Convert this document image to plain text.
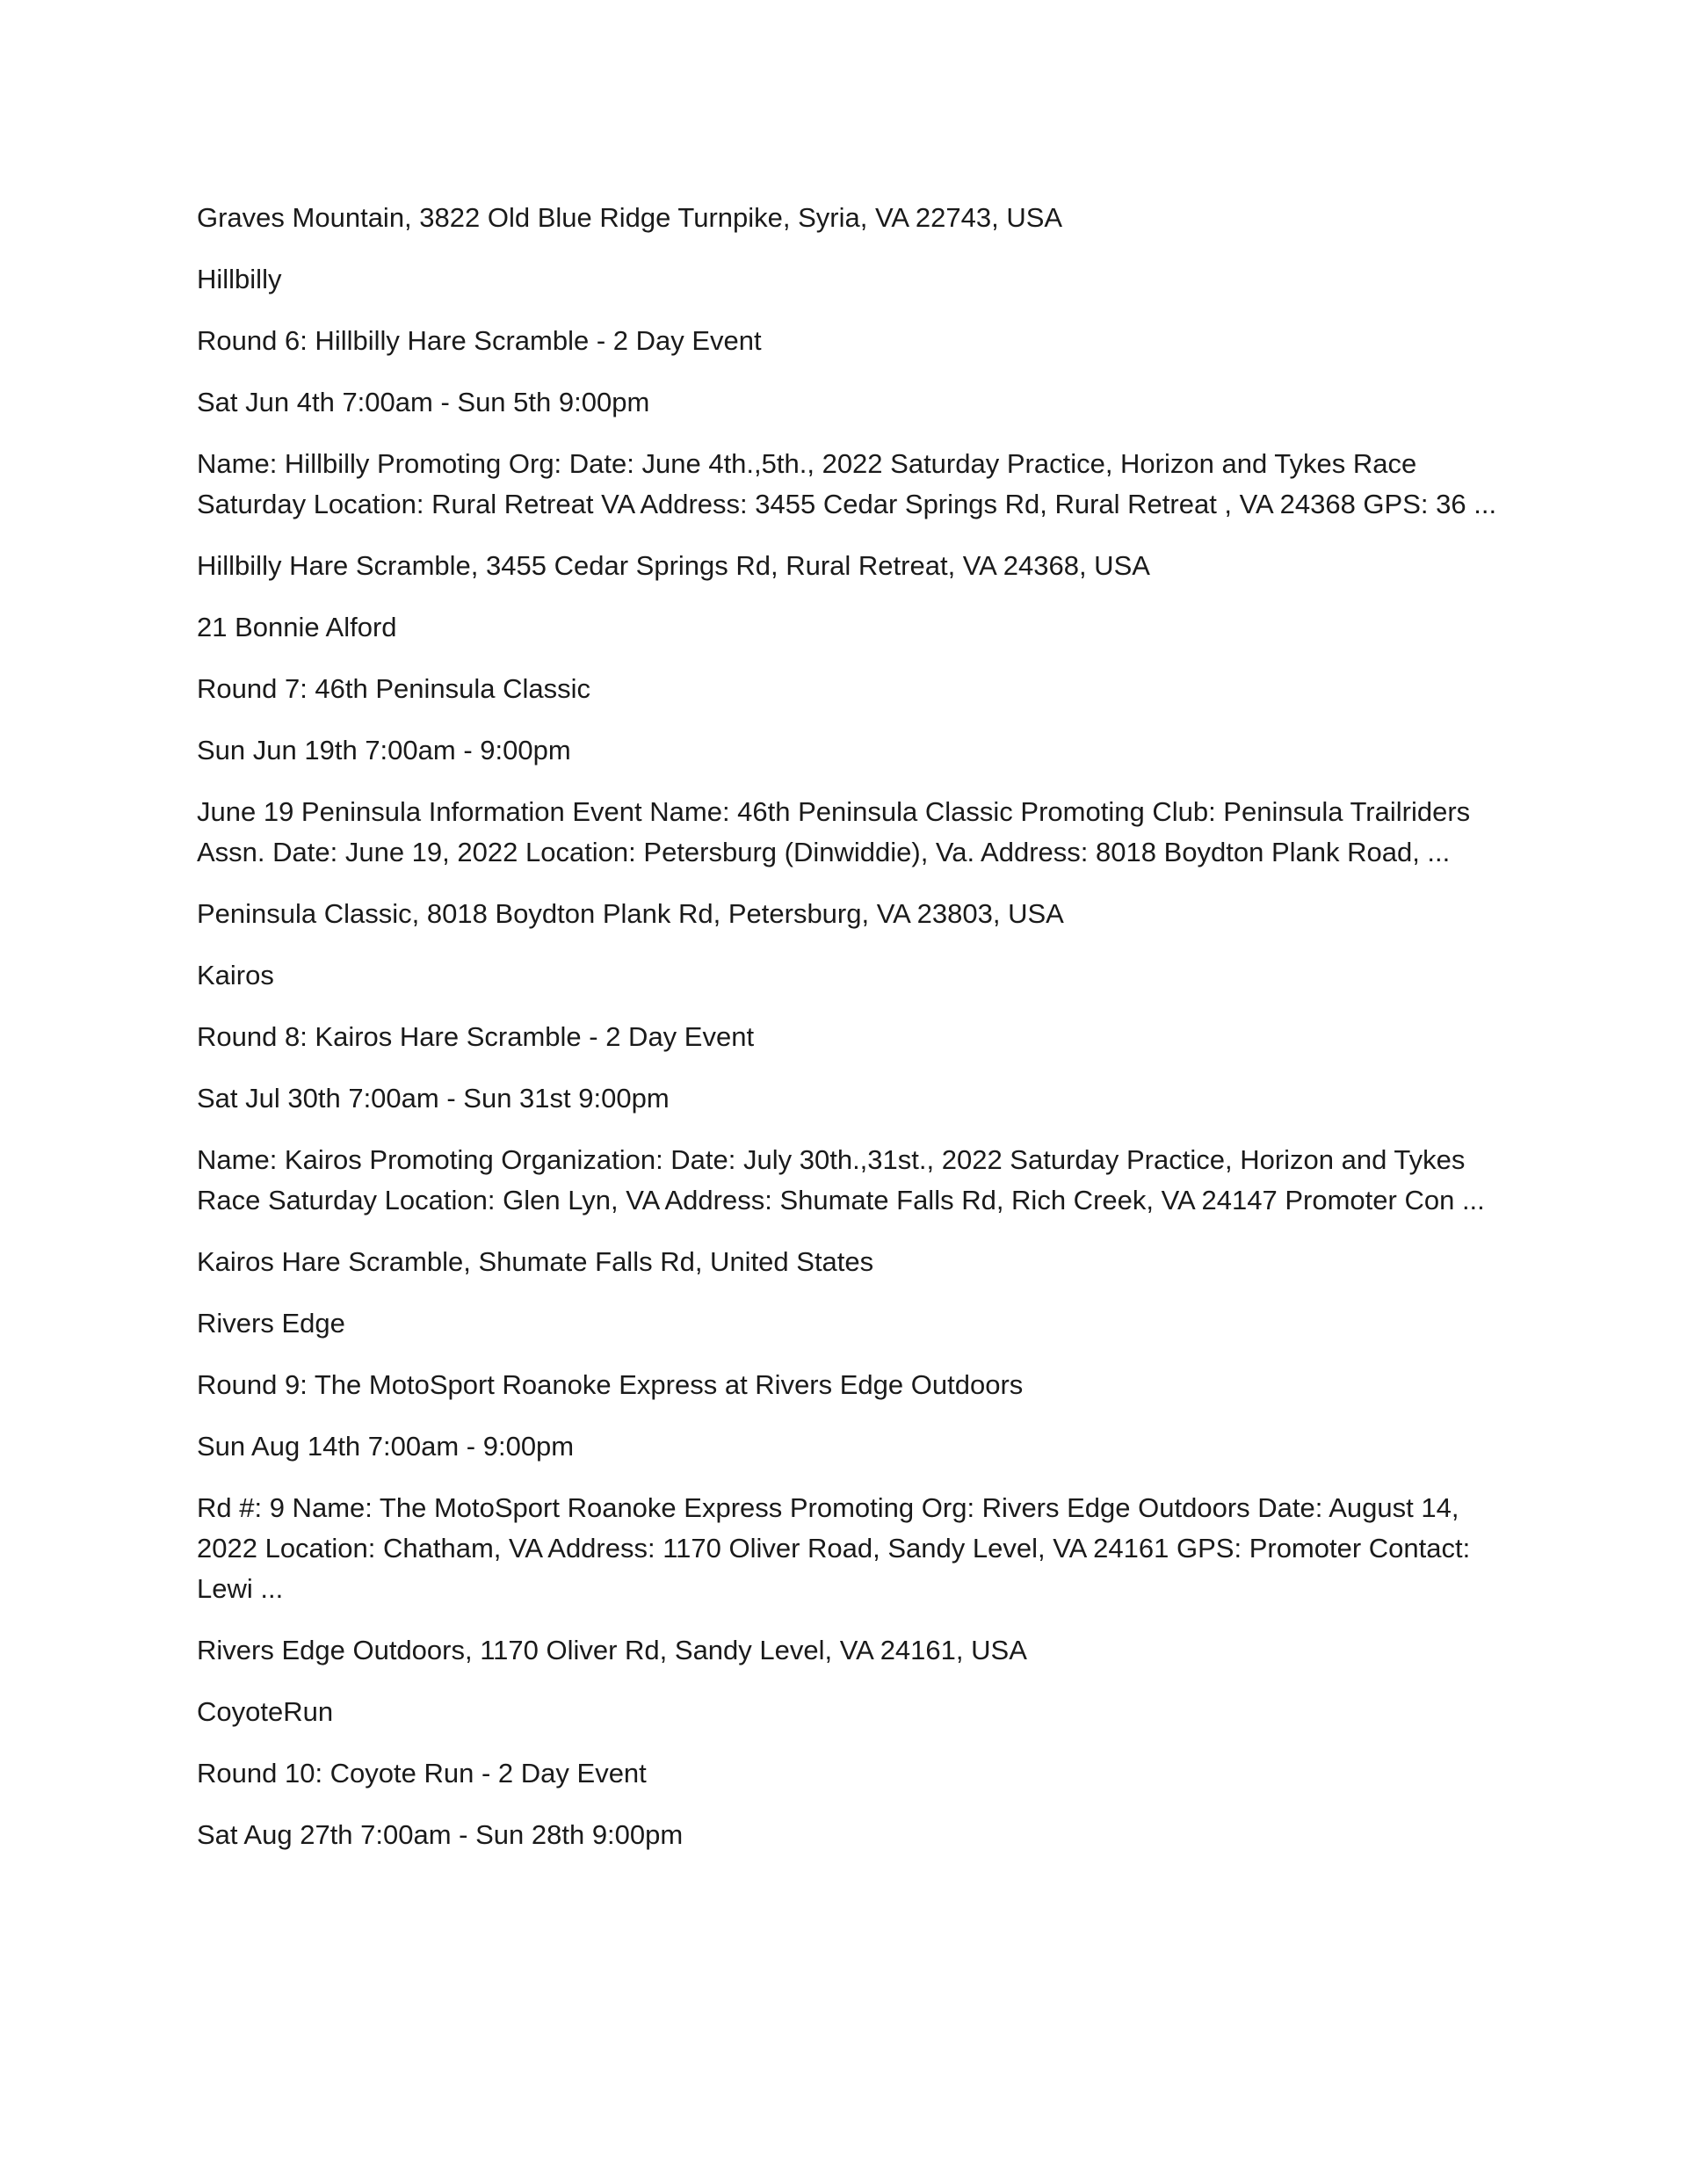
Graves Mountain, 3822 Old Blue Ridge Turnpike, Syria, VA 22743, USA

Hillbilly

Round 6: Hillbilly Hare Scramble - 2 Day Event

Sat Jun 4th 7:00am - Sun 5th 9:00pm

Name: Hillbilly Promoting Org: Date: June 4th.,5th., 2022 Saturday Practice, Horizon and Tykes Race Saturday Location: Rural Retreat VA Address: 3455 Cedar Springs Rd, Rural Retreat , VA 24368 GPS: 36 ...

Hillbilly Hare Scramble, 3455 Cedar Springs Rd, Rural Retreat, VA 24368, USA

21 Bonnie Alford

Round 7: 46th Peninsula Classic

Sun Jun 19th 7:00am - 9:00pm

June 19 Peninsula Information Event Name: 46th Peninsula Classic Promoting Club: Peninsula Trailriders Assn. Date: June 19, 2022 Location: Petersburg (Dinwiddie), Va. Address: 8018 Boydton Plank Road, ...

Peninsula Classic, 8018 Boydton Plank Rd, Petersburg, VA 23803, USA

Kairos

Round 8: Kairos Hare Scramble - 2 Day Event

Sat Jul 30th 7:00am - Sun 31st 9:00pm

Name: Kairos Promoting Organization: Date: July 30th.,31st., 2022 Saturday Practice, Horizon and Tykes Race Saturday Location: Glen Lyn, VA Address: Shumate Falls Rd, Rich Creek, VA 24147 Promoter Con ...

Kairos Hare Scramble, Shumate Falls Rd, United States

Rivers Edge

Round 9: The MotoSport Roanoke Express at Rivers Edge Outdoors

Sun Aug 14th 7:00am - 9:00pm

Rd #: 9 Name: The MotoSport Roanoke Express Promoting Org: Rivers Edge Outdoors Date: August 14, 2022 Location: Chatham, VA Address: 1170 Oliver Road, Sandy Level, VA 24161 GPS: Promoter Contact: Lewi ...

Rivers Edge Outdoors, 1170 Oliver Rd, Sandy Level, VA 24161, USA

CoyoteRun

Round 10: Coyote Run - 2 Day Event

Sat Aug 27th 7:00am - Sun 28th 9:00pm
